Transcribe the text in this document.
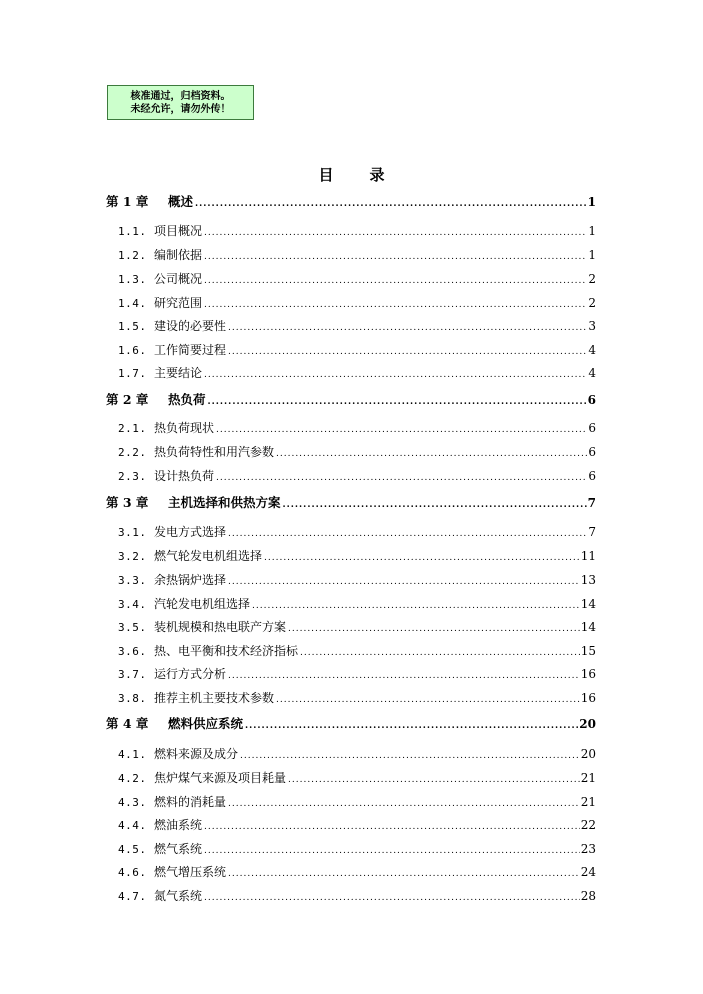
核准通过，归档资料。
未经允许，请勿外传！
目 录
第 1 章	概述 .....	1
1.1. 项目概况 .....	1
1.2. 编制依据 .....	1
1.3. 公司概况 .....	2
1.4. 研究范围 .....	2
1.5. 建设的必要性 .....	3
1.6. 工作简要过程 .....	4
1.7. 主要结论 .....	4
第 2 章	热负荷 .....	6
2.1. 热负荷现状 .....	6
2.2. 热负荷特性和用汽参数 .....	6
2.3. 设计热负荷 .....	6
第 3 章	主机选择和供热方案 .....	7
3.1. 发电方式选择 .....	7
3.2. 燃气轮发电机组选择 .....	11
3.3. 余热锅炉选择 .....	13
3.4. 汽轮发电机组选择 .....	14
3.5. 装机规模和热电联产方案 .....	14
3.6. 热、电平衡和技术经济指标 .....	15
3.7. 运行方式分析 .....	16
3.8. 推荐主机主要技术参数 .....	16
第 4 章	燃料供应系统 .....	20
4.1. 燃料来源及成分 .....	20
4.2. 焦炉煤气来源及项目耗量 .....	21
4.3. 燃料的消耗量 .....	21
4.4. 燃油系统 .....	22
4.5. 燃气系统 .....	23
4.6. 燃气增压系统 .....	24
4.7. 氮气系统 .....	28
